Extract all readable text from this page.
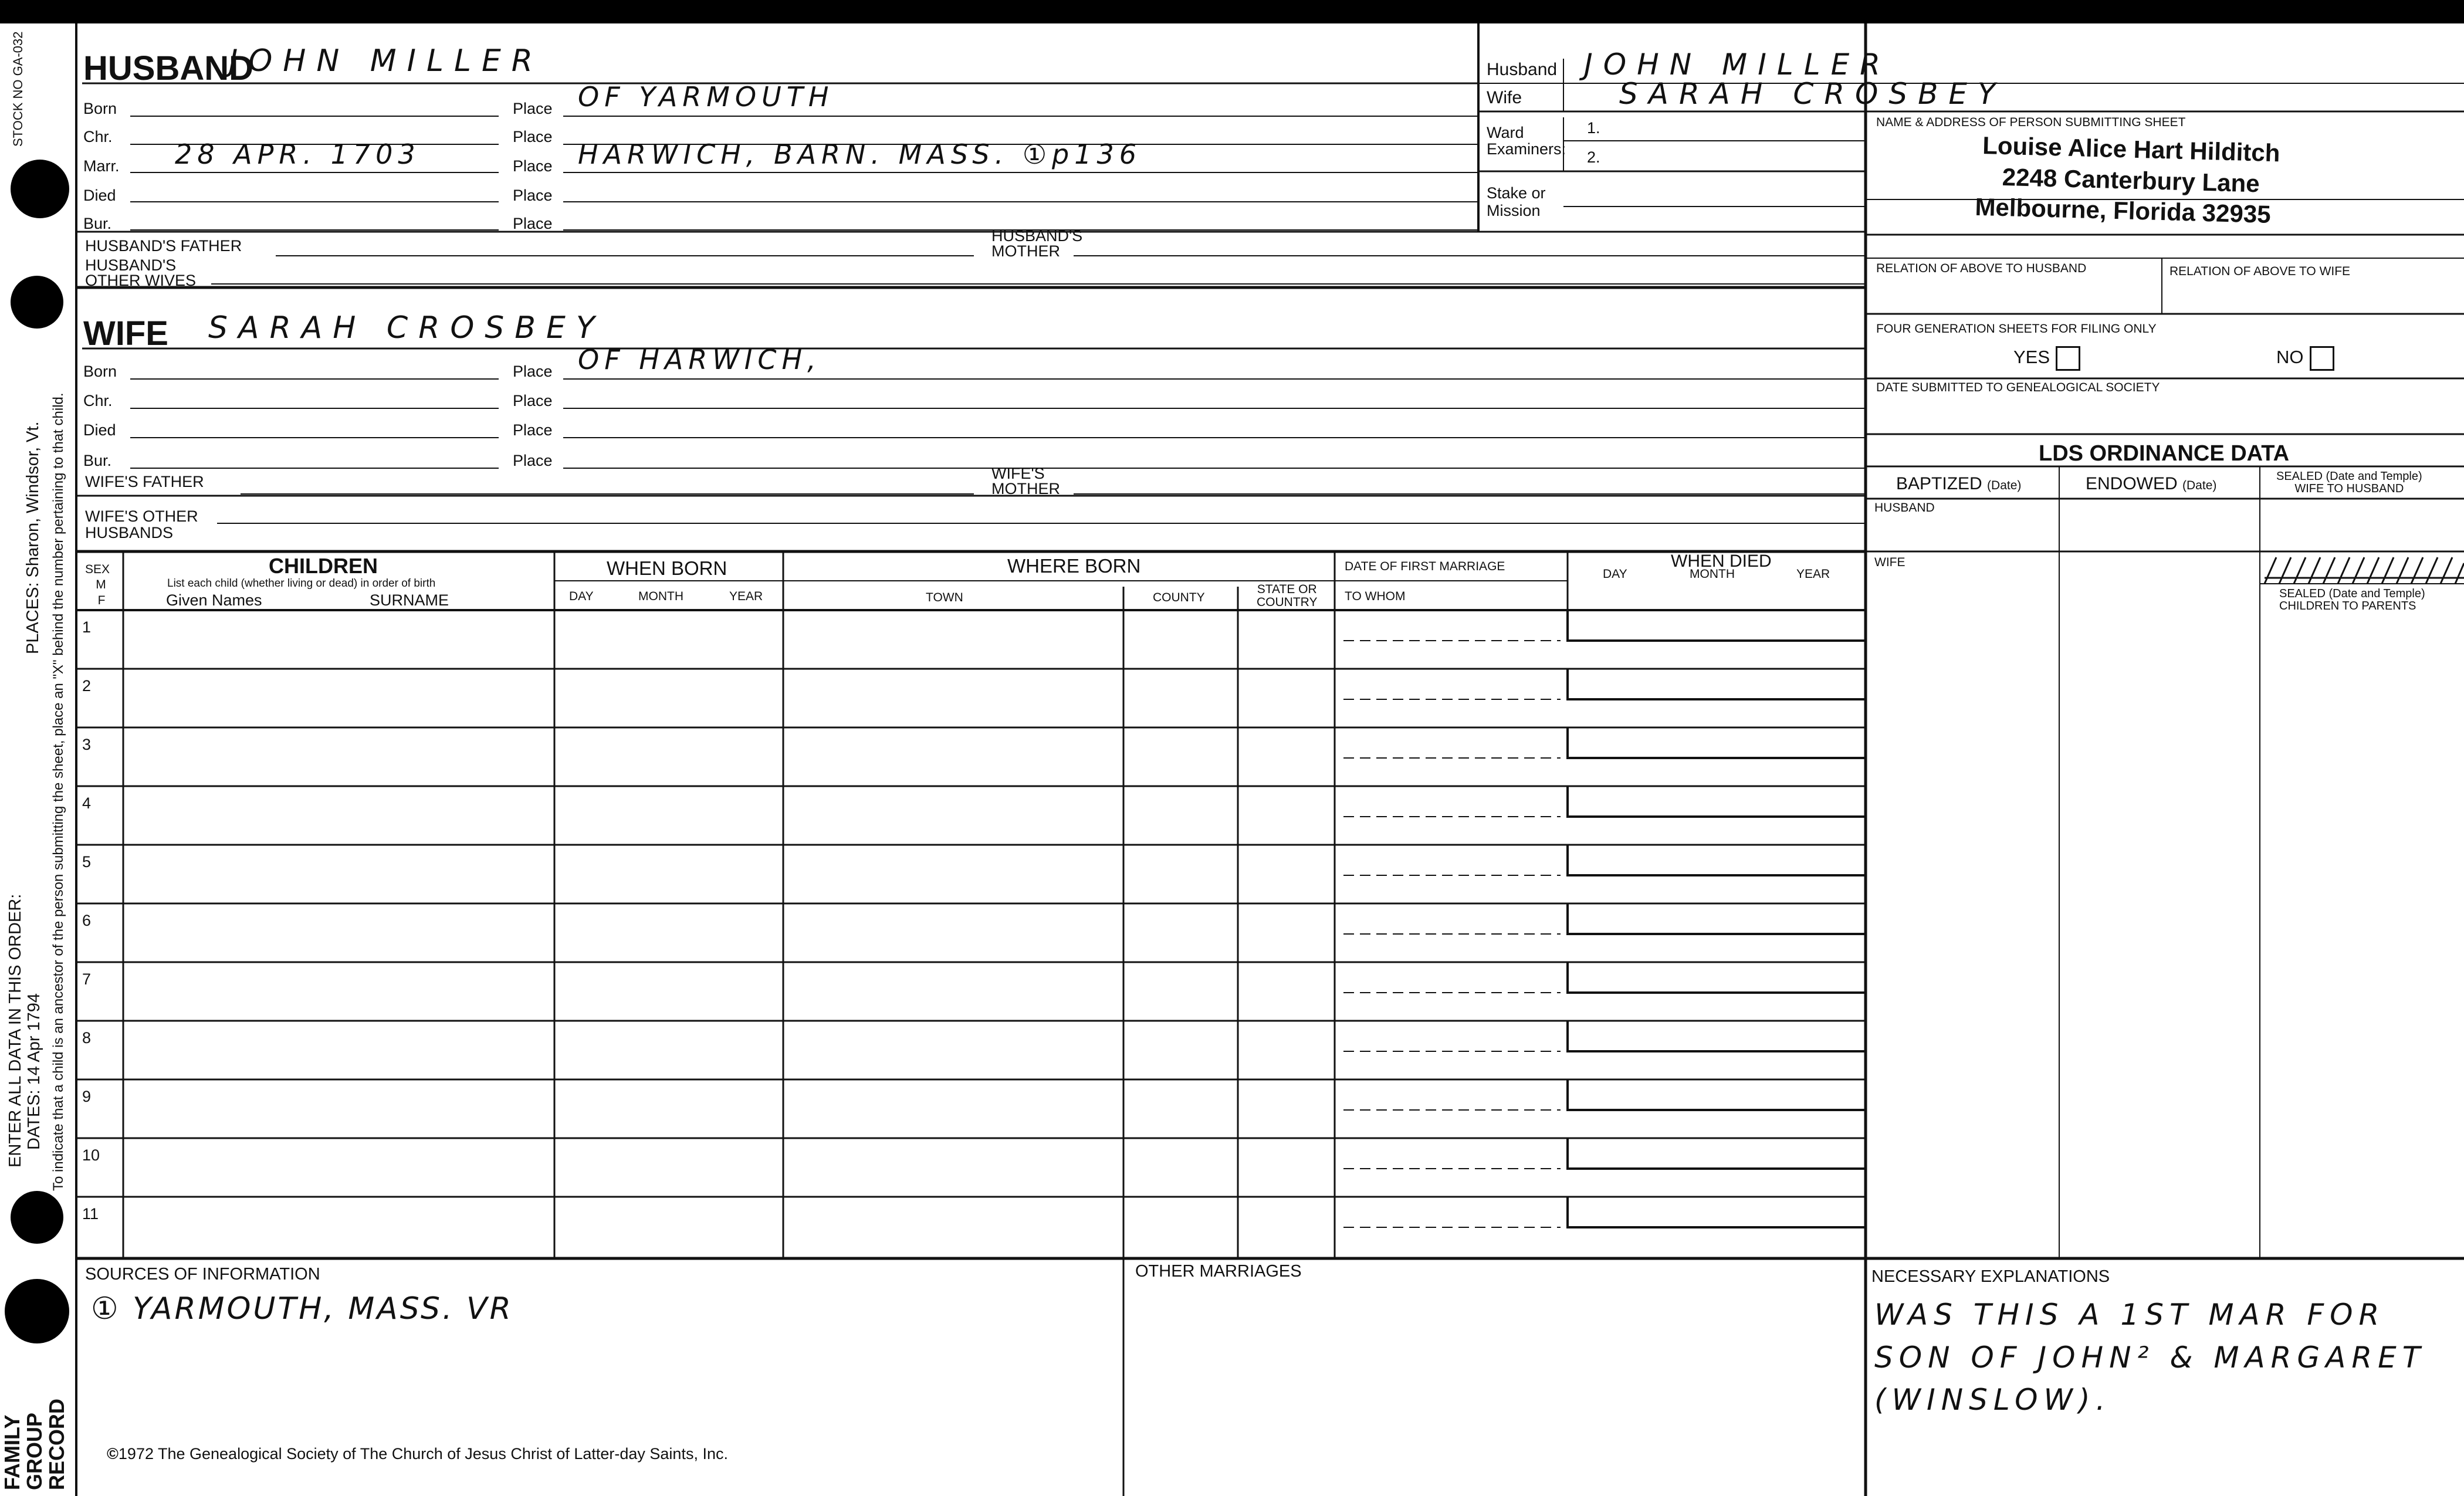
STOCK NO GA-032
PLACES: Sharon, Windsor, Vt.
ENTER ALL DATA IN THIS ORDER: DATES: 14 Apr 1794 To indicate that a child is an ancestor of the person submitting the sheet, place an "X" behind the number pertaining to that child.
FAMILY
GROUP
RECORD
HUSBAND
JOHN MILLER
Born	Place OF YARMOUTH
Chr.	Place
Marr. 28 APR. 1703	Place HARWICH, BARN. MASS. ①p136
Died	Place
Bur.	Place
HUSBAND'S FATHER
HUSBAND'S
MOTHER
HUSBAND'S
OTHER WIVES
WIFE SARAH CROSBEY
Born	Place OF HARWICH,
Chr.	Place
Died	Place
Bur.	Place
WIFE'S FATHER	WIFE'S
MOTHER
WIFE'S OTHER
HUSBANDS
Husband JOHN MILLER
Wife	SARAH CROSBEY
Ward
Examiners:
1.
2.
Stake or
Mission
NAME & ADDRESS OF PERSON SUBMITTING SHEET
Louise Alice Hart Hilditch
2248 Canterbury Lane
Melbourne, Florida 32935
RELATION OF ABOVE TO HUSBAND	RELATION OF ABOVE TO WIFE
FOUR GENERATION SHEETS FOR FILING ONLY
YES	NO
DATE SUBMITTED TO GENEALOGICAL SOCIETY
LDS ORDINANCE DATA
BAPTIZED (Date)	ENDOWED (Date)
SEALED (Date and Temple)
WIFE TO HUSBAND
HUSBAND
WIFE
SEALED (Date and Temple)
CHILDREN TO PARENTS
SEX
M
F
CHILDREN
List each child (whether living or dead) in order of birth
Given Names	SURNAME
WHEN BORN
DAY	MONTH	YEAR
WHERE BORN
TOWN	COUNTY
STATE OR
COUNTRY
DATE OF FIRST MARRIAGE
TO WHOM
WHEN DIED
DAY	MONTH	YEAR
1
2
3
4
5
6
7
8
9
10
11
SOURCES OF INFORMATION
① YARMOUTH, MASS. VR
OTHER MARRIAGES	NECESSARY EXPLANATIONS
WAS THIS A 1ST MAR FOR
SON OF JOHN² & MARGARET
(WINSLOW).
©1972 The Genealogical Society of The Church of Jesus Christ of Latter-day Saints, Inc.
